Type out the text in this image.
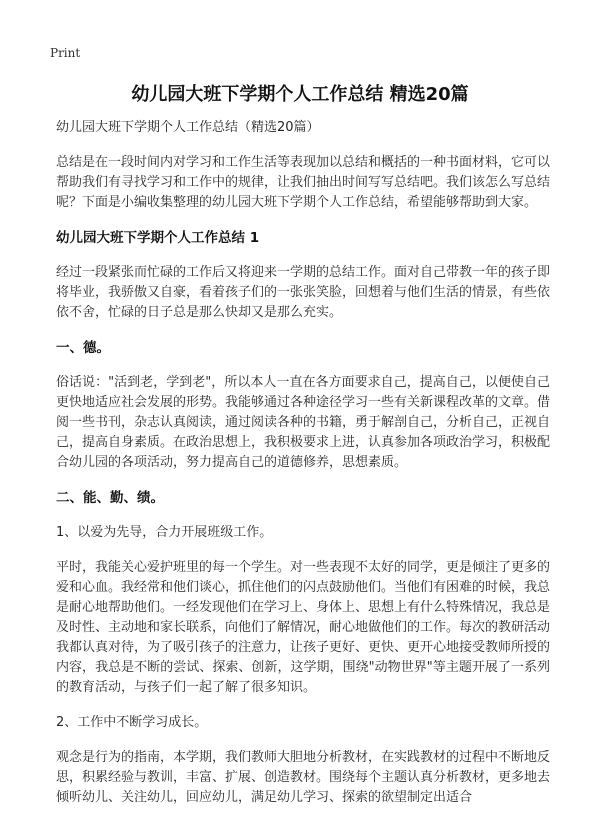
Print
幼儿园大班下学期个人工作总结 精选20篇

幼儿园大班下学期个人工作总结（精选20篇）

总结是在一段时间内对学习和工作生活等表现加以总结和概括的一种书面材料，它可以帮助我们有寻找学习和工作中的规律，让我们抽出时间写写总结吧。我们该怎么写总结呢？下面是小编收集整理的幼儿园大班下学期个人工作总结，希望能够帮助到大家。

幼儿园大班下学期个人工作总结 1

经过一段紧张而忙碌的工作后又将迎来一学期的总结工作。面对自己带教一年的孩子即将毕业，我骄傲又自豪，看着孩子们的一张张笑脸，回想着与他们生活的情景，有些依依不舍，忙碌的日子总是那么快却又是那么充实。

一、德。

俗话说："活到老，学到老"，所以本人一直在各方面要求自己，提高自己，以便使自己更快地适应社会发展的形势。我能够通过各种途径学习一些有关新课程改革的文章。借阅一些书刊，杂志认真阅读，通过阅读各种的书籍，勇于解剖自己，分析自己，正视自己，提高自身素质。在政治思想上，我积极要求上进，认真参加各项政治学习，积极配合幼儿园的各项活动，努力提高自己的道德修养，思想素质。

二、能、勤、绩。

1、以爱为先导，合力开展班级工作。

平时，我能关心爱护班里的每一个学生。对一些表现不太好的同学，更是倾注了更多的爱和心血。我经常和他们谈心，抓住他们的闪点鼓励他们。当他们有困难的时候，我总是耐心地帮助他们。一经发现他们在学习上、身体上、思想上有什么特殊情况，我总是及时性、主动地和家长联系，向他们了解情况，耐心地做他们的工作。每次的教研活动我都认真对待，为了吸引孩子的注意力，让孩子更好、更快、更开心地接受教师所授的内容，我总是不断的尝试、探索、创新，这学期，围绕"动物世界"等主题开展了一系列的教育活动，与孩子们一起了解了很多知识。

2、工作中不断学习成长。

观念是行为的指南，本学期，我们教师大胆地分析教材，在实践教材的过程中不断地反思，积累经验与教训，丰富、扩展、创造教材。围绕每个主题认真分析教材，更多地去倾听幼儿、关注幼儿，回应幼儿，满足幼儿学习、探索的欲望制定出适合
